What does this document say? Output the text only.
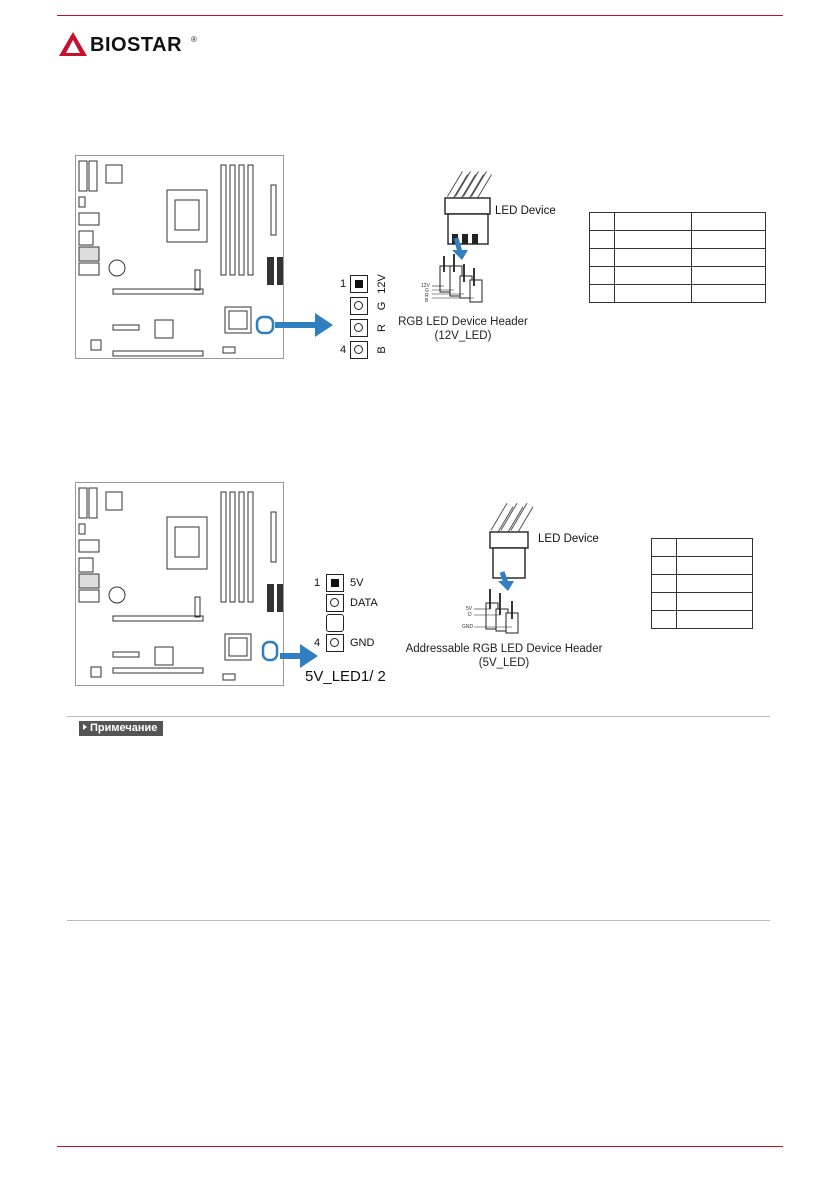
BIOSTAR ®
1
4
12V
G
R
B
12V
G
R
B
LED Device
RGB LED Device Header
(12V_LED)

1
4
5V
DATA
GND
5V_LED1/ 2
5V
D
GND
LED Device
Addressable RGB LED Device Header
(5V_LED)

Примечание
